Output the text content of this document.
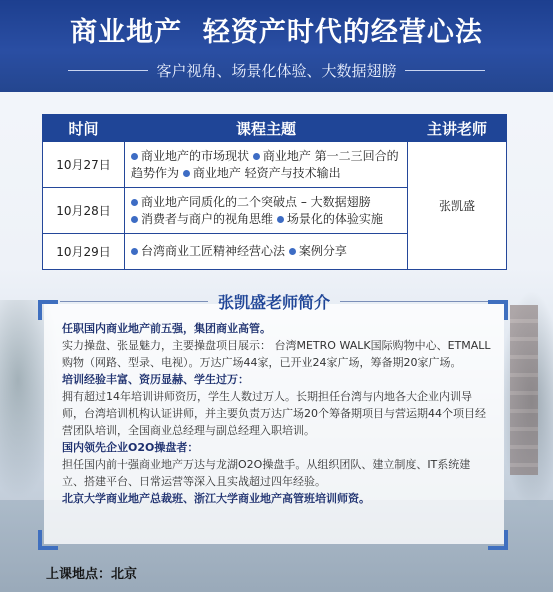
商业地产  轻资产时代的经营心法
客户视角、场景化体验、大数据翅膀
时间	课程主题	主讲老师
10月27日	商业地产的市场现状 商业地产 第一二三回合的趋势作为 商业地产 轻资产与技术输出	张凯盛
10月28日	商业地产同质化的二个突破点 – 大数据翅膀
消费者与商户的视角思维 场景化的体验实施	

10月29日	台湾商业工匠精神经营心法 案例分享	
张凯盛老师简介
任职国内商业地产前五强，集团商业高管。
实力操盘、张显魅力，主要操盘项目展示： 台湾METRO WALK国际购物中心、ETMALL购物（网路、型录、电视）。万达广场44家，已开业24家广场，筹备期20家广场。
培训经验丰富、资历显赫、学生过万：
拥有超过14年培训讲师资历，学生人数过万人。长期担任台湾与内地各大企业内训导师，台湾培训机构认证讲师，并主要负责万达广场20个筹备期项目与营运期44个项目经营团队培训，全国商业总经理与副总经理入职培训。
国内领先企业O2O操盘者：
担任国内前十强商业地产万达与龙湖O2O操盘手。从组织团队、建立制度、IT系统建立、搭建平台、日常运营等深入且实战超过四年经验。
北京大学商业地产总裁班、浙江大学商业地产高管班培训师资。
上课地点：北京
